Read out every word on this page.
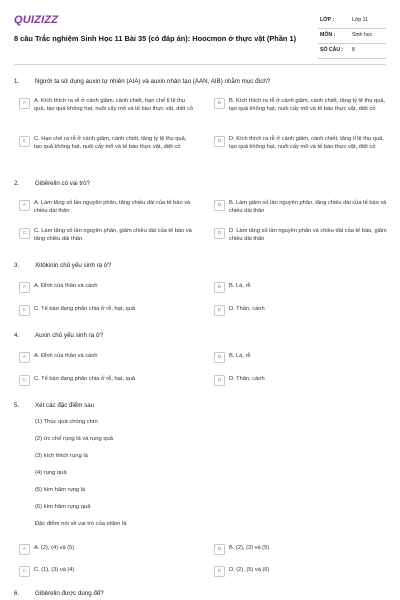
QUIZIZZ
8 câu Trắc nghiệm Sinh Học 11 Bài 35 (có đáp án): Hoocmon ở thực vật (Phần 1)
LỚP :	Lớp 11
MÔN :	Sinh học
SỐ CÂU : 8
1.	Người ta sử dụng auxin tự nhiên (AIA) và auxin nhân tạo (AAN, AIB) nhằm mục đích?
A	A. Kích thích ra rễ ở cành giâm, cành chiết, hạn chế tỉ lệ thụ quả, tạo quả không hạt, nuôi cấy mô và tế bào thực vật, diệt cỏ
B	B. Kích thích ra rễ ở cành giâm, cành chiết, tăng tỷ lệ thụ quả, tạo quả không hạt, nuôi cấy mô và tế bào thực vật, diệt cỏ
C	C. Hạn chế ra rễ ở cành giâm, cành chiết, tăng tỷ lệ thụ quả, tạo quả không hạt, nuôi cấy mô và tế bào thực vật, diệt cỏ
D	D. Kích thích ra rễ ở cành giâm, cành chiết, tăng tỉ lệ thụ quả, tạo quả không hạt, nuôi cấy mô và tế bào thực vật, diệt cỏ
2.	Gibêrelin có vai trò?
A	A. Làm tăng số lần nguyên phân, tăng chiều dài của tế bào và chiều dài thân
B	B. Làm giảm số lần nguyên phân, tăng chiều dài của tế bào và chiều dài thân
C	C. Làm tăng số lần nguyên phân, giảm chiều dài của tế bào và tăng chiều dài thân
D	D. Làm tăng số lần nguyên phân và chiều dài của tế bào, giảm chiều dài thân
3.	Xitôkinin chủ yếu sinh ra ở?
A	A. Đỉnh của thân và cành	B	B. Lá, rễ
C	C. Tế bào đang phân chia ở rễ, hạt, quả	D	D. Thân, cành
4.	Auxin chủ yếu sinh ra ở?
A	A. Đỉnh của thân và cành	B	B. Lá, rễ
C	C. Tế bào đang phân chia ở rễ, hạt, quả	D	D. Thân, cành
5.	Xét các đặc điểm sau
(1) Thúc quả chóng chín
(2) ức chế rụng lá và rụng quả
(3) kích thích rụng lá
(4) rụng quả
(5) kìm hãm rụng lá
(6) kìm hãm rụng quả
Đặc điểm nói về vai trò của etilen là
A	A. (2), (4) và (5)	B	B. (2), (3) và (5)
C	C. (1), (3) và (4)	D	D. (2), (5) và (6)
6.	Gibêrelin được dùng để?
